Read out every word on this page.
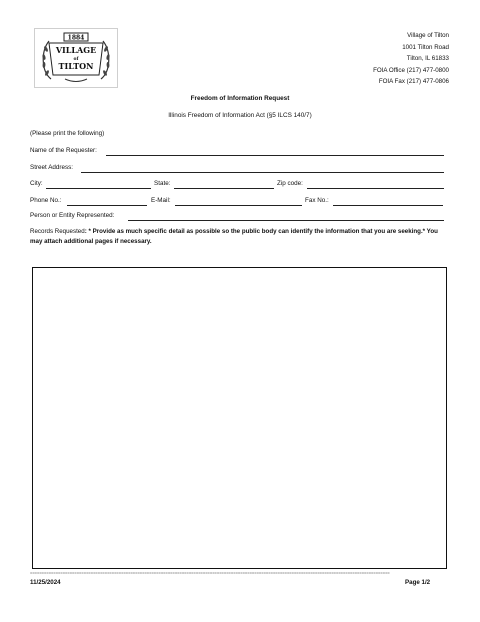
1884
VILLAGE
of
TILTON
Village of Tilton
1001 Tilton Road
Tilton, IL 61833
FOIA Office (217) 477-0800
FOIA Fax (217) 477-0806
Freedom of Information Request
Illinois Freedom of Information Act (§5 ILCS 140/7)
(Please print the following)
Name of the Requester:
Street Address:
City:	State:	Zip code:
Phone No.:	E-Mail:	Fax No.:
Person or Entity Represented:
Records Requested: * Provide as much specific detail as possible so the public body can identify the information that you are seeking.* You may attach additional pages if necessary.
==========================================================================================================================================================
11/25/2024	Page 1/2
